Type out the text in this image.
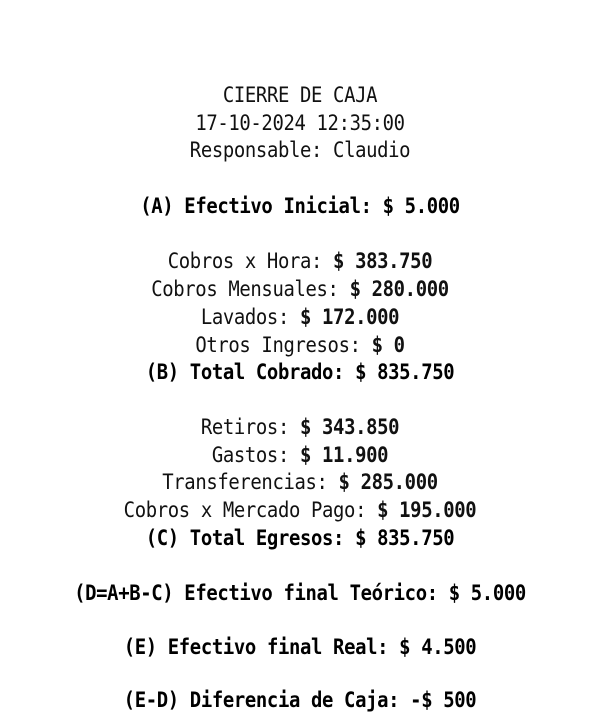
CIERRE DE CAJA
17-10-2024 12:35:00
Responsable: Claudio
(A) Efectivo Inicial: $ 5.000
Cobros x Hora: $ 383.750
Cobros Mensuales: $ 280.000
Lavados: $ 172.000
Otros Ingresos: $ 0
(B) Total Cobrado: $ 835.750
Retiros: $ 343.850
Gastos: $ 11.900
Transferencias: $ 285.000
Cobros x Mercado Pago: $ 195.000
(C) Total Egresos: $ 835.750
(D=A+B-C) Efectivo final Teórico: $ 5.000
(E) Efectivo final Real: $ 4.500
(E-D) Diferencia de Caja: -$ 500
